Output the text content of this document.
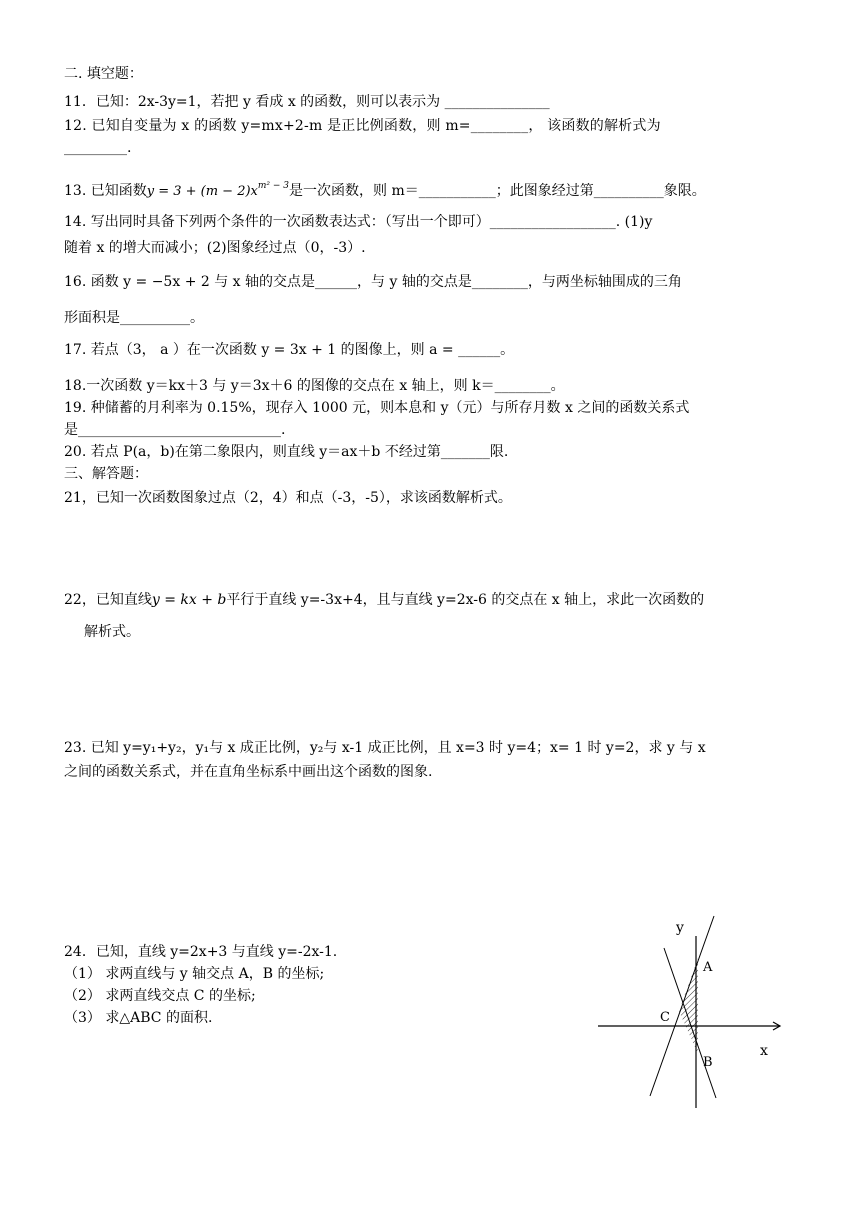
二. 填空题：
11．已知：2x-3y=1，若把 y 看成 x 的函数，则可以表示为 _______________
12. 已知自变量为 x 的函数 y=mx+2-m 是正比例函数，则 m=________， 该函数的解析式为
_________.
13. 已知函数$y = 3 + (m - 2)x^{m^2 - 3}$是一次函数，则 m＝___________；此图象经过第__________象限。
14. 写出同时具备下列两个条件的一次函数表达式：（写出一个即可）__________________. (1)y
随着 x 的增大而减小；(2)图象经过点（0，-3）.
16. 函数 y = −5x + 2 与 x 轴的交点是______，与 y 轴的交点是________，与两坐标轴围成的三角
形面积是__________。
17. 若点（3， a ）在一次函数 y = 3x + 1 的图像上，则 a = ______。
18.一次函数 y＝kx＋3 与 y＝3x＋6 的图像的交点在 x 轴上，则 k＝________。
19. 种储蓄的月利率为 0.15%，现存入 1000 元，则本息和 y（元）与所存月数 x 之间的函数关系式
是_____________________________.
20. 若点 P(a，b)在第二象限内，则直线 y＝ax＋b 不经过第_______限.
三、解答题：
21，已知一次函数图象过点（2，4）和点（-3，-5），求该函数解析式。
22，已知直线y = kx + b平行于直线 y=-3x+4，且与直线 y=2x-6 的交点在 x 轴上，求此一次函数的
解析式。
23. 已知 y=y₁+y₂，y₁与 x 成正比例，y₂与 x-1 成正比例，且 x=3 时 y=4；x= 1 时 y=2，求 y 与 x
之间的函数关系式，并在直角坐标系中画出这个函数的图象.
24．已知，直线 y=2x+3 与直线 y=-2x-1.
（1） 求两直线与 y 轴交点 A，B 的坐标;
（2） 求两直线交点 C 的坐标;
（3） 求△ABC 的面积.
y
A
C
x
B
